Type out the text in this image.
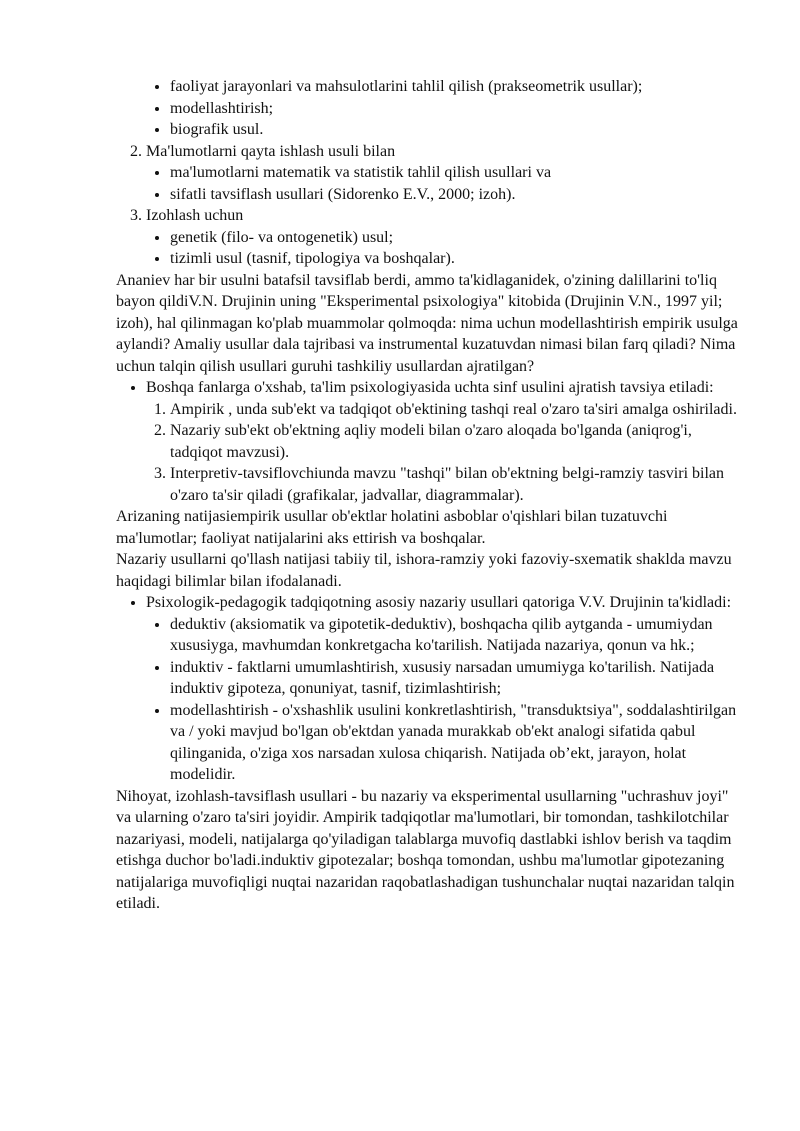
• faoliyat jarayonlari va mahsulotlarini tahlil qilish (prakseometrik usullar);
• modellashtirish;
• biografik usul.
2. Ma'lumotlarni qayta ishlash usuli bilan
• ma'lumotlarni matematik va statistik tahlil qilish usullari va
• sifatli tavsiflash usullari (Sidorenko E.V., 2000; izoh).
3. Izohlash uchun
• genetik (filo- va ontogenetik) usul;
• tizimli usul (tasnif, tipologiya va boshqalar).

Ananiev har bir usulni batafsil tavsiflab berdi, ammo ta'kidlaganidek, o'zining dalillarini to'liq bayon qildiV.N. Drujinin uning "Eksperimental psixologiya" kitobida (Drujinin V.N., 1997 yil; izoh), hal qilinmagan ko'plab muammolar qolmoqda: nima uchun modellashtirish empirik usulga aylandi? Amaliy usullar dala tajribasi va instrumental kuzatuvdan nimasi bilan farq qiladi? Nima uchun talqin qilish usullari guruhi tashkiliy usullardan ajratilgan?

• Boshqa fanlarga o'xshab, ta'lim psixologiyasida uchta sinf usulini ajratish tavsiya etiladi:
1. Ampirik , unda sub'ekt va tadqiqot ob'ektining tashqi real o'zaro ta'siri amalga oshiriladi.
2. Nazariy sub'ekt ob'ektning aqliy modeli bilan o'zaro aloqada bo'lganda (aniqrog'i, tadqiqot mavzusi).
3. Interpretiv-tavsiflovchiunda mavzu "tashqi" bilan ob'ektning belgi-ramziy tasviri bilan o'zaro ta'sir qiladi (grafikalar, jadvallar, diagrammalar).

Arizaning natijasiempirik usullar ob'ektlar holatini asboblar o'qishlari bilan tuzatuvchi ma'lumotlar; faoliyat natijalarini aks ettirish va boshqalar.

Nazariy usullarni qo'llash natijasi tabiiy til, ishora-ramziy yoki fazoviy-sxematik shaklda mavzu haqidagi bilimlar bilan ifodalanadi.

• Psixologik-pedagogik tadqiqotning asosiy nazariy usullari qatoriga V.V. Drujinin ta'kidladi:
• deduktiv (aksiomatik va gipotetik-deduktiv), boshqacha qilib aytganda - umumiydan xususiyga, mavhumdan konkretgacha ko'tarilish. Natijada nazariya, qonun va hk.;
• induktiv - faktlarni umumlashtirish, xususiy narsadan umumiyga ko'tarilish. Natijada induktiv gipoteza, qonuniyat, tasnif, tizimlashtirish;
• modellashtirish - o'xshashlik usulini konkretlashtirish, "transduktsiya", soddalashtirilgan va / yoki mavjud bo'lgan ob'ektdan yanada murakkab ob'ekt analogi sifatida qabul qilinganida, o'ziga xos narsadan xulosa chiqarish. Natijada ob’ekt, jarayon, holat modelidir.

Nihoyat, izohlash-tavsiflash usullari - bu nazariy va eksperimental usullarning "uchrashuv joyi" va ularning o'zaro ta'siri joyidir. Ampirik tadqiqotlar ma'lumotlari, bir tomondan, tashkilotchilar nazariyasi, modeli, natijalarga qo'yiladigan talablarga muvofiq dastlabki ishlov berish va taqdim etishga duchor bo'ladi.induktiv gipotezalar; boshqa tomondan, ushbu ma'lumotlar gipotezaning natijalariga muvofiqligi nuqtai nazaridan raqobatlashadigan tushunchalar nuqtai nazaridan talqin etiladi.
